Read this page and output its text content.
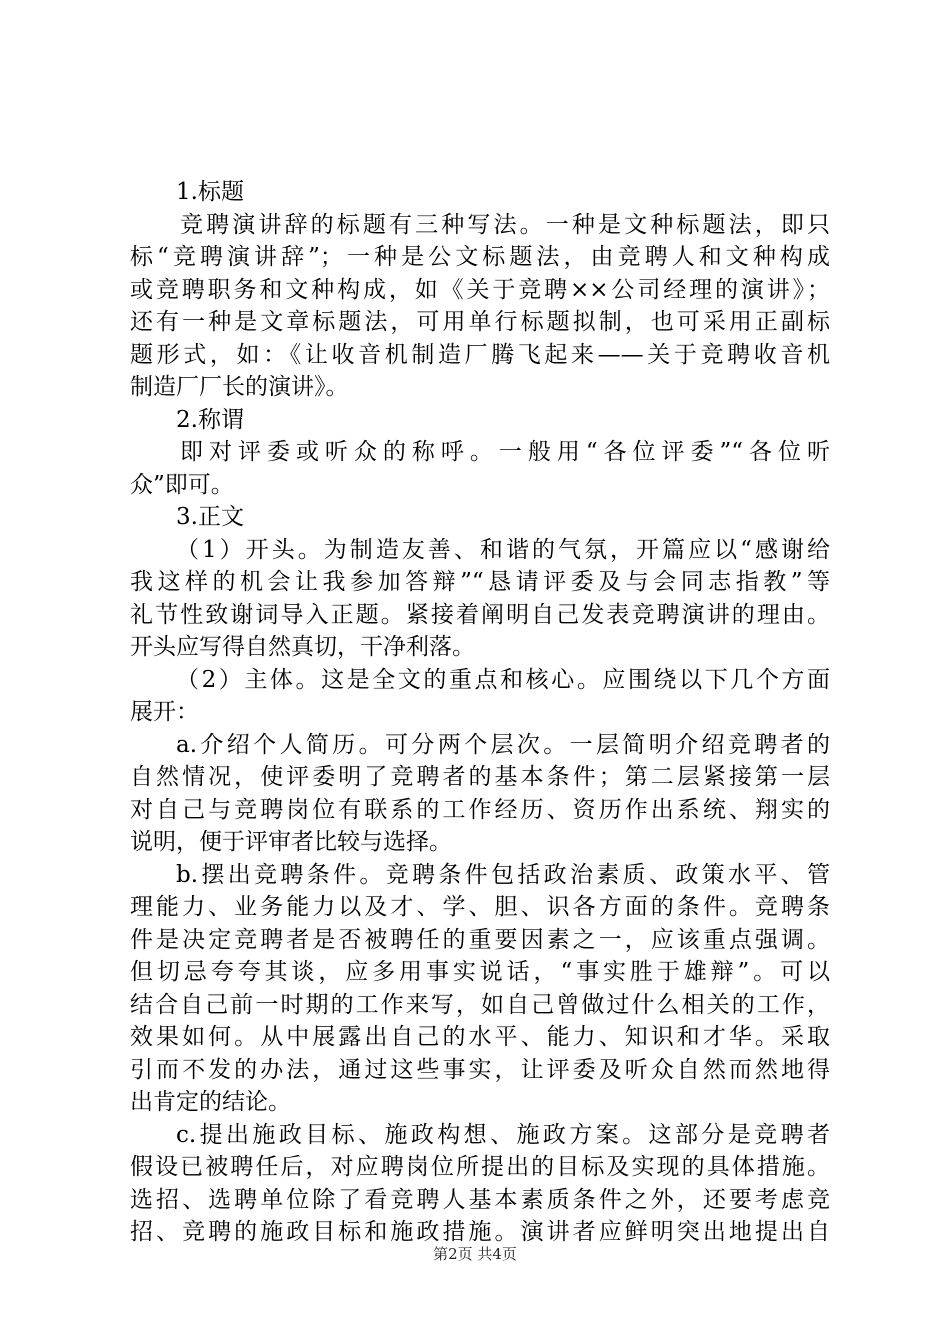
1.标题
竞聘演讲辞的标题有三种写法。一种是文种标题法，即只
标“竞聘演讲辞”；一种是公文标题法，由竞聘人和文种构成
或竞聘职务和文种构成，如《关于竞聘××公司经理的演讲》；
还有一种是文章标题法，可用单行标题拟制，也可采用正副标
题形式，如：《让收音机制造厂腾飞起来——关于竞聘收音机
制造厂厂长的演讲》。
2.称谓
即对评委或听众的称呼。一般用“各位评委”“各位听
众”即可。
3.正文
（1）开头。为制造友善、和谐的气氛，开篇应以“感谢给
我这样的机会让我参加答辩”“恳请评委及与会同志指教”等
礼节性致谢词导入正题。紧接着阐明自己发表竞聘演讲的理由。
开头应写得自然真切，干净利落。
（2）主体。这是全文的重点和核心。应围绕以下几个方面
展开：
a.介绍个人简历。可分两个层次。一层简明介绍竞聘者的
自然情况，使评委明了竞聘者的基本条件；第二层紧接第一层
对自己与竞聘岗位有联系的工作经历、资历作出系统、翔实的
说明，便于评审者比较与选择。
b.摆出竞聘条件。竞聘条件包括政治素质、政策水平、管
理能力、业务能力以及才、学、胆、识各方面的条件。竞聘条
件是决定竞聘者是否被聘任的重要因素之一，应该重点强调。
但切忌夸夸其谈，应多用事实说话，“事实胜于雄辩”。可以
结合自己前一时期的工作来写，如自己曾做过什么相关的工作，
效果如何。从中展露出自己的水平、能力、知识和才华。采取
引而不发的办法，通过这些事实，让评委及听众自然而然地得
出肯定的结论。
c.提出施政目标、施政构想、施政方案。这部分是竞聘者
假设已被聘任后，对应聘岗位所提出的目标及实现的具体措施。
选招、选聘单位除了看竞聘人基本素质条件之外，还要考虑竞
招、竞聘的施政目标和施政措施。演讲者应鲜明突出地提出自
第2页 共4页
